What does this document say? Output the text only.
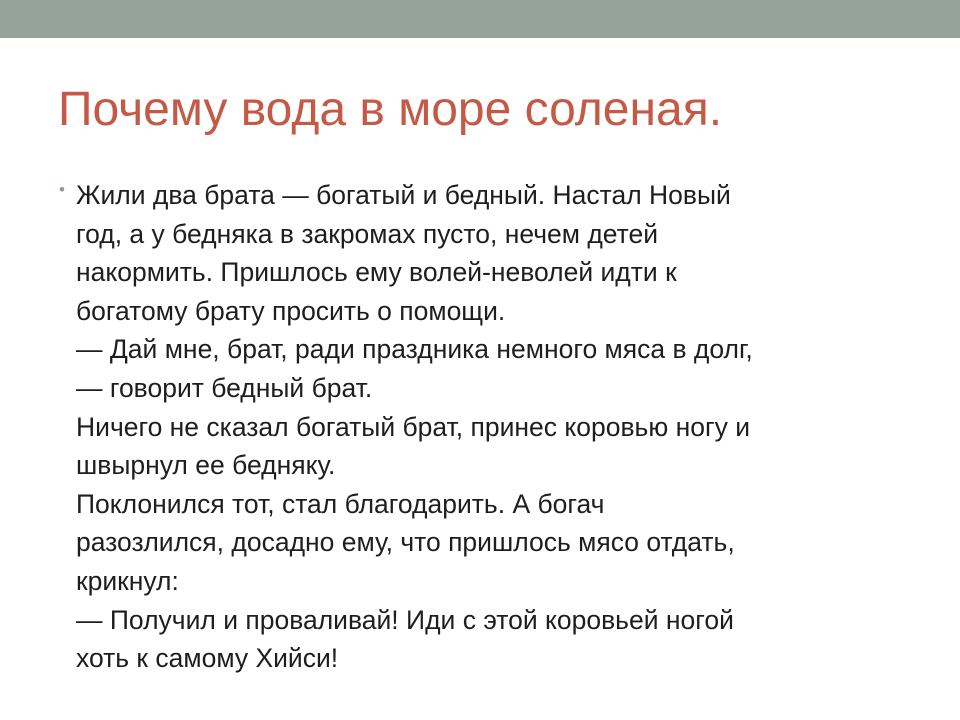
Почему вода в море соленая.
• Жили два брата — богатый и бедный. Настал Новый
год, а у бедняка в закромах пусто, нечем детей
накормить. Пришлось ему волей-неволей идти к
богатому брату просить о помощи.
— Дай мне, брат, ради праздника немного мяса в долг,
— говорит бедный брат.
Ничего не сказал богатый брат, принес коровью ногу и
швырнул ее бедняку.
Поклонился тот, стал благодарить. А богач
разозлился, досадно ему, что пришлось мясо отдать,
крикнул:
— Получил и проваливай! Иди с этой коровьей ногой
хоть к самому Хийси!
